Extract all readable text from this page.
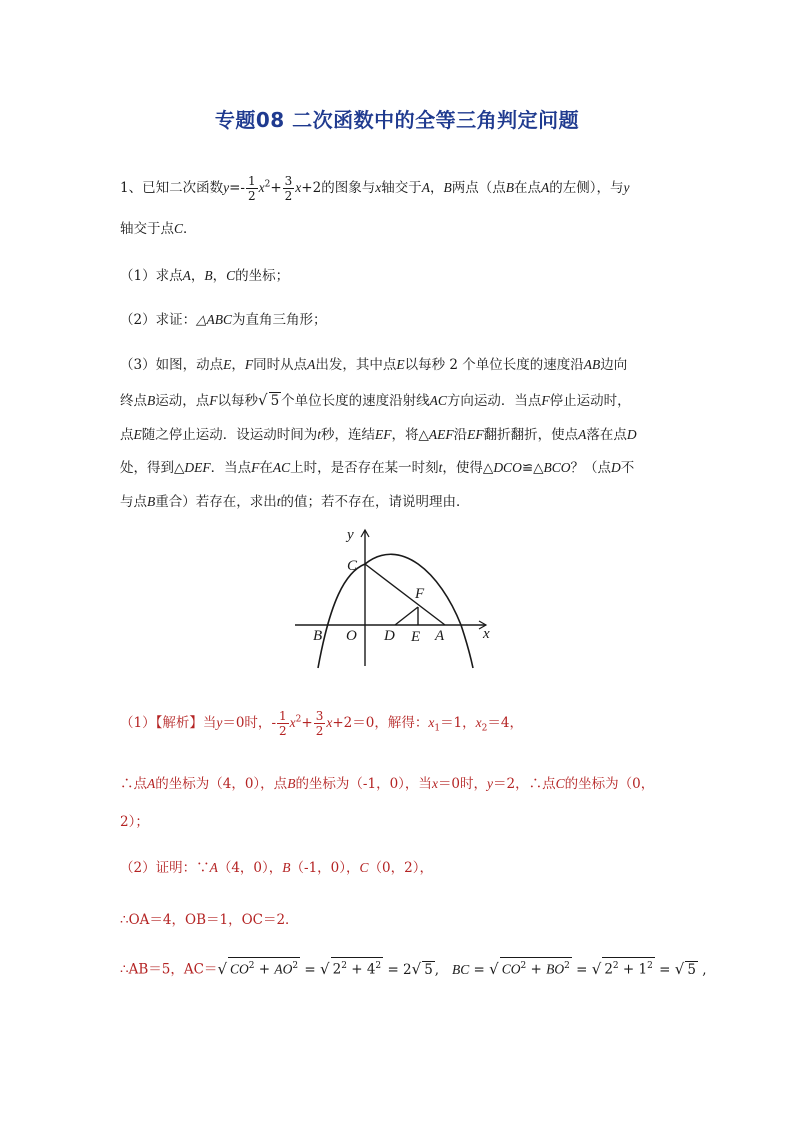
专题08 二次函数中的全等三角判定问题
1、已知二次函数$y=- \frac{1}{2} x^2+ \frac{3}{2} x+2$的图象与x轴交于A，B两点（点B在点A的左侧），与y
轴交于点C．
（1）求点A，B，C的坐标；
（2）求证：△ABC为直角三角形；
（3）如图，动点E，F同时从点A出发，其中点E以每秒 2 个单位长度的速度沿AB边向
终点B运动，点F以每秒√ 5 个单位长度的速度沿射线AC方向运动．当点F停止运动时，
点E随之停止运动．设运动时间为t秒，连结EF，将△AEF沿EF翻折翻折，使点A落在点D
处，得到△DEF．当点F在AC上时，是否存在某一时刻t，使得△DCO≌△BCO？（点D不
与点B重合）若存在，求出t的值；若不存在，请说明理由．
y
x
C
F
B O D E A
（1）【解析】当y＝0时，- $\frac{1}{2} x^2+ \frac{3}{2} x+2=0$，解得：$x_1=1$，$x_2=4$，
∴点A的坐标为（4，0），点B的坐标为（-1，0），当x＝0时，y＝2，∴点C的坐标为（0，
2）；
（2）证明：∵A（4，0），B（-1，0），C（0，2），
∴OA＝4，OB＝1，OC＝2．
∴AB＝5，AC＝√ $CO^2 + AO^2$ = √ $2^2 + 4^2 = 2√$ 5 ,   BC = √ $CO^2 + BO^2$ = √ $2^2 + 1^2$ = √ 5 ,
